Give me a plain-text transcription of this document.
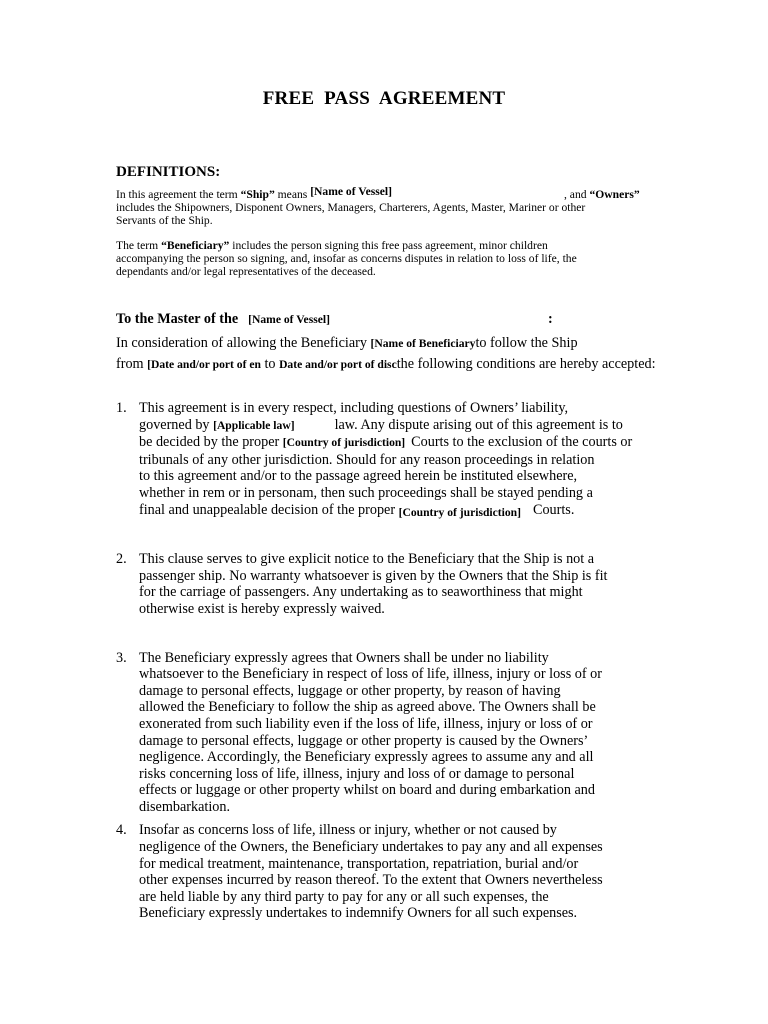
FREE PASS AGREEMENT
DEFINITIONS:
In this agreement the term “Ship” means [Name of Vessel]	, and “Owners”
includes the Shipowners, Disponent Owners, Managers, Charterers, Agents, Master, Mariner or other
Servants of the Ship.
The term “Beneficiary” includes the person signing this free pass agreement, minor children
accompanying the person so signing, and, insofar as concerns disputes in relation to loss of life, the
dependants and/or legal representatives of the deceased.
To the Master of the [Name of Vessel]	:
In consideration of allowing the Beneficiary [Name of Beneficiaryto follow the Ship
from [Date and/or port of en to Date and/or port of discthe following conditions are hereby accepted:
1. This agreement is in every respect, including questions of Owners’ liability,
governed by [Applicable law]	law. Any dispute arising out of this agreement is to
be decided by the proper [Country of jurisdiction] Courts to the exclusion of the courts or
tribunals of any other jurisdiction. Should for any reason proceedings in relation
to this agreement and/or to the passage agreed herein be instituted elsewhere,
whether in rem or in personam, then such proceedings shall be stayed pending a
final and unappealable decision of the proper [Country of jurisdiction] Courts.
2. This clause serves to give explicit notice to the Beneficiary that the Ship is not a
passenger ship. No warranty whatsoever is given by the Owners that the Ship is fit
for the carriage of passengers. Any undertaking as to seaworthiness that might
otherwise exist is hereby expressly waived.
3. The Beneficiary expressly agrees that Owners shall be under no liability
whatsoever to the Beneficiary in respect of loss of life, illness, injury or loss of or
damage to personal effects, luggage or other property, by reason of having
allowed the Beneficiary to follow the ship as agreed above. The Owners shall be
exonerated from such liability even if the loss of life, illness, injury or loss of or
damage to personal effects, luggage or other property is caused by the Owners’
negligence. Accordingly, the Beneficiary expressly agrees to assume any and all
risks concerning loss of life, illness, injury and loss of or damage to personal
effects or luggage or other property whilst on board and during embarkation and
disembarkation.
4. Insofar as concerns loss of life, illness or injury, whether or not caused by
negligence of the Owners, the Beneficiary undertakes to pay any and all expenses
for medical treatment, maintenance, transportation, repatriation, burial and/or
other expenses incurred by reason thereof. To the extent that Owners nevertheless
are held liable by any third party to pay for any or all such expenses, the
Beneficiary expressly undertakes to indemnify Owners for all such expenses.
